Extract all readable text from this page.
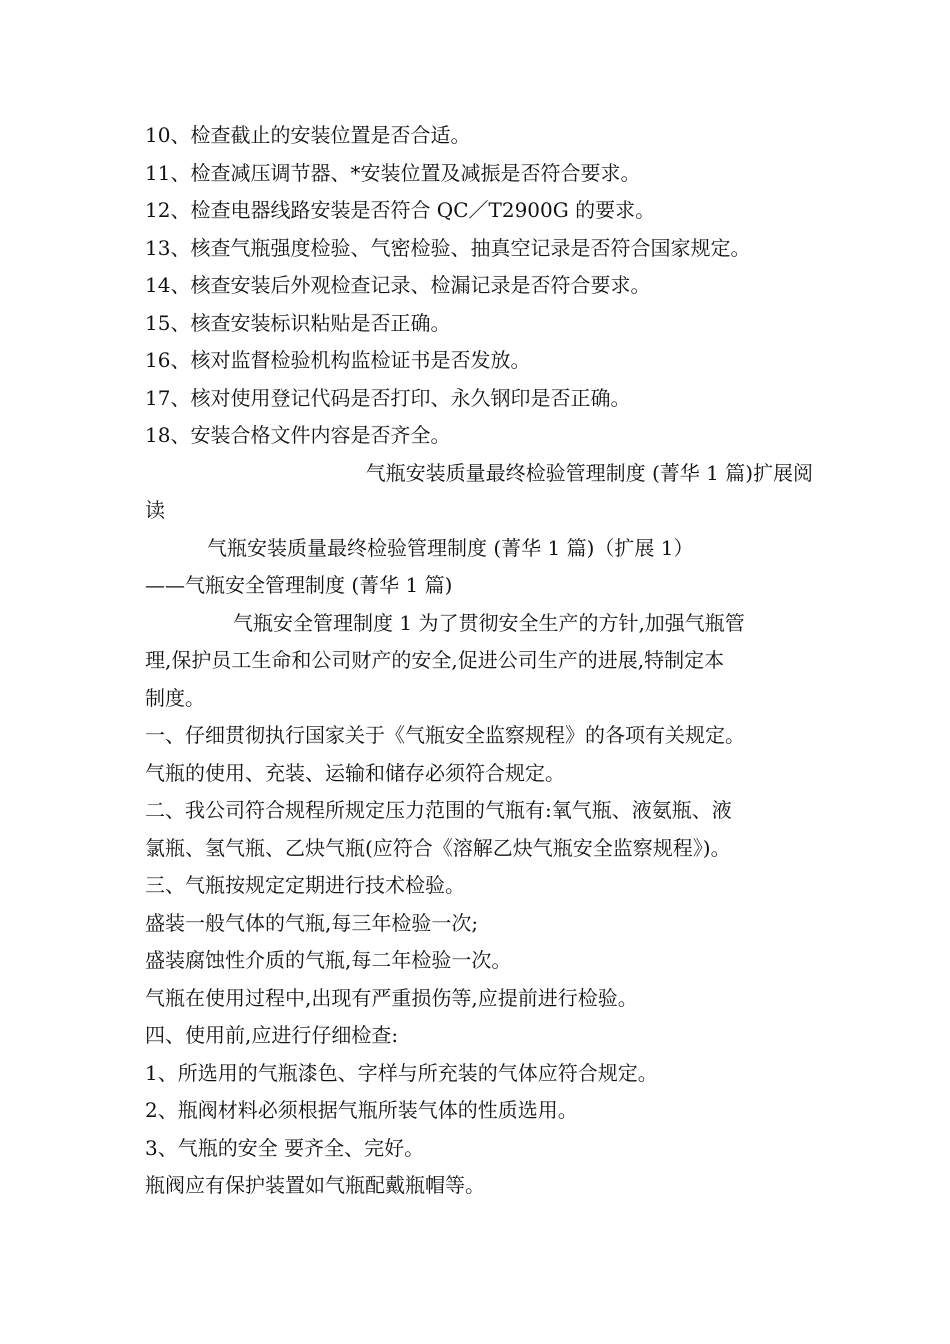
10、检查截止的安装位置是否合适。
11、检查减压调节器、*安装位置及减振是否符合要求。
12、检查电器线路安装是否符合 QC／T2900G 的要求。
13、核查气瓶强度检验、气密检验、抽真空记录是否符合国家规定。
14、核查安装后外观检查记录、检漏记录是否符合要求。
15、核查安装标识粘贴是否正确。
16、核对监督检验机构监检证书是否发放。
17、核对使用登记代码是否打印、永久钢印是否正确。
18、安装合格文件内容是否齐全。
气瓶安装质量最终检验管理制度 (菁华 1 篇)扩展阅
读
气瓶安装质量最终检验管理制度 (菁华 1 篇)（扩展 1）
——气瓶安全管理制度 (菁华 1 篇)
气瓶安全管理制度 1 为了贯彻安全生产的方针,加强气瓶管
理,保护员工生命和公司财产的安全,促进公司生产的进展,特制定本
制度。
一、仔细贯彻执行国家关于《气瓶安全监察规程》的各项有关规定。
气瓶的使用、充装、运输和储存必须符合规定。
二、我公司符合规程所规定压力范围的气瓶有:氧气瓶、液氨瓶、液
氯瓶、氢气瓶、乙炔气瓶(应符合《溶解乙炔气瓶安全监察规程》)。
三、气瓶按规定定期进行技术检验。
盛装一般气体的气瓶,每三年检验一次;
盛装腐蚀性介质的气瓶,每二年检验一次。
气瓶在使用过程中,出现有严重损伤等,应提前进行检验。
四、使用前,应进行仔细检查:
1、所选用的气瓶漆色、字样与所充装的气体应符合规定。
2、瓶阀材料必须根据气瓶所装气体的性质选用。
3、气瓶的安全 要齐全、完好。
瓶阀应有保护装置如气瓶配戴瓶帽等。
